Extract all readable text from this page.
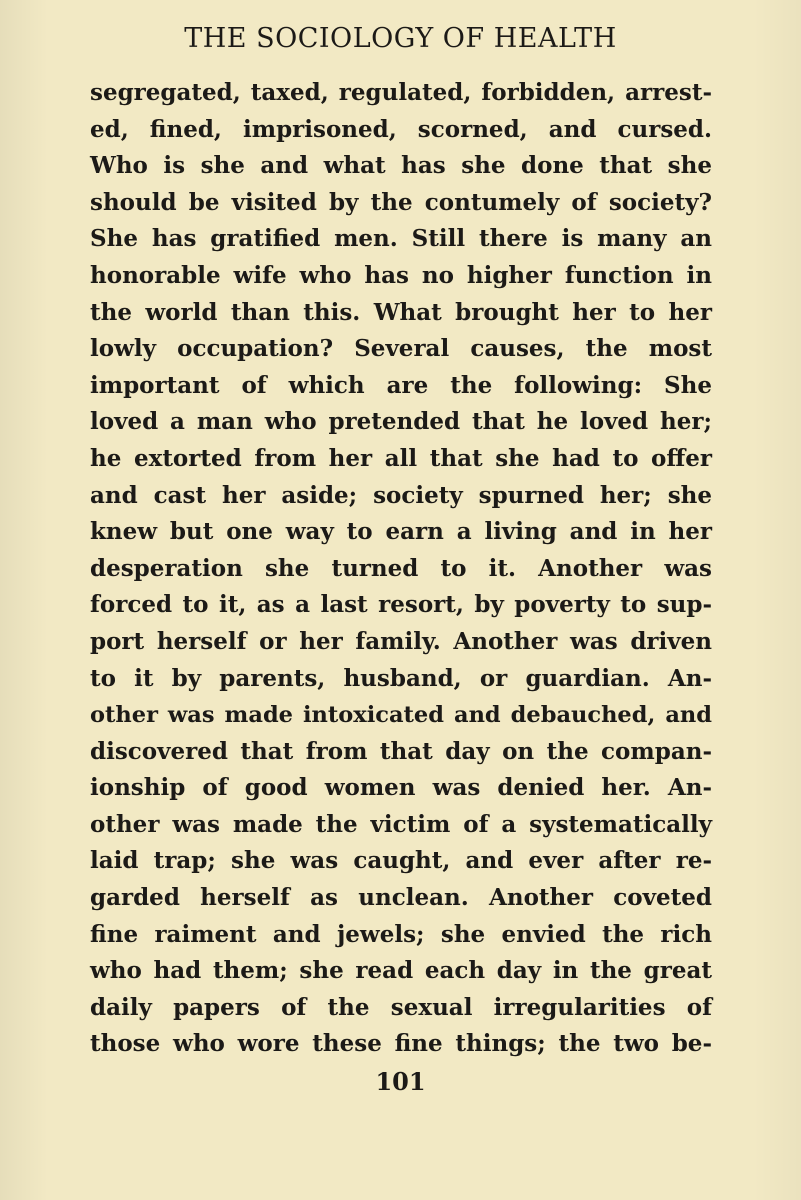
THE SOCIOLOGY OF HEALTH
segregated, taxed, regulated, forbidden, arrest-
ed, fined, imprisoned, scorned, and cursed.
Who is she and what has she done that she
should be visited by the contumely of society?
She has gratified men. Still there is many an
honorable wife who has no higher function in
the world than this. What brought her to her
lowly occupation? Several causes, the most
important of which are the following: She
loved a man who pretended that he loved her;
he extorted from her all that she had to offer
and cast her aside; society spurned her; she
knew but one way to earn a living and in her
desperation she turned to it. Another was
forced to it, as a last resort, by poverty to sup-
port herself or her family. Another was driven
to it by parents, husband, or guardian. An-
other was made intoxicated and debauched, and
discovered that from that day on the compan-
ionship of good women was denied her. An-
other was made the victim of a systematically
laid trap; she was caught, and ever after re-
garded herself as unclean. Another coveted
fine raiment and jewels; she envied the rich
who had them; she read each day in the great
daily papers of the sexual irregularities of
those who wore these fine things; the two be-
101
